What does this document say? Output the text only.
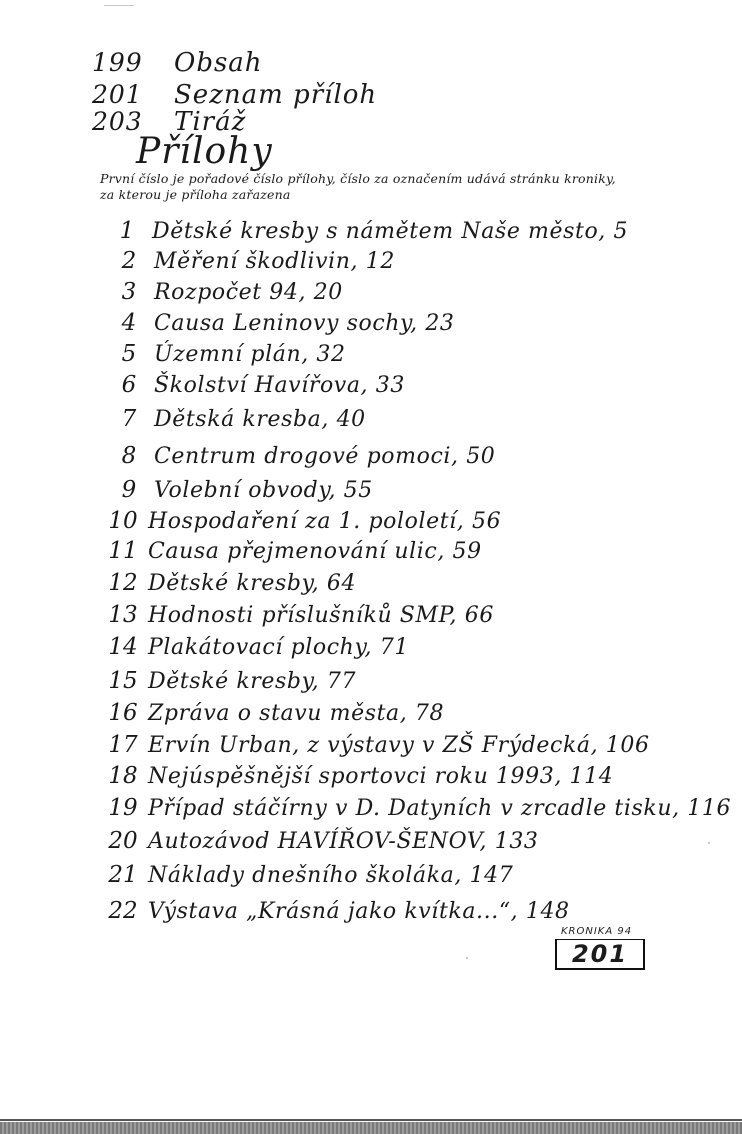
199	Obsah
201	Seznam příloh
203	Tiráž
Přílohy
První číslo je pořadové číslo přílohy, číslo za označením udává stránku kroniky,
za kterou je příloha zařazena
1 Dětské kresby s námětem Naše město, 5
2 Měření škodlivin, 12
3 Rozpočet 94, 20
4 Causa Leninovy sochy, 23
5 Územní plán, 32
6 Školství Havířova, 33
7 Dětská kresba, 40
8 Centrum drogové pomoci, 50
9 Volební obvody, 55
10 Hospodaření za 1. pololetí, 56
11 Causa přejmenování ulic, 59
12 Dětské kresby, 64
13 Hodnosti příslušníků SMP, 66
14 Plakátovací plochy, 71
15 Dětské kresby, 77
16 Zpráva o stavu města, 78
17 Ervín Urban, z výstavy v ZŠ Frýdecká, 106
18 Nejúspěšnější sportovci roku 1993, 114
19 Případ stáčírny v D. Datyních v zrcadle tisku, 116
20 Autozávod HAVÍŘOV-ŠENOV, 133
21 Náklady dnešního školáka, 147
22 Výstava „Krásná jako kvítka...“, 148
KRONIKA 94
201
